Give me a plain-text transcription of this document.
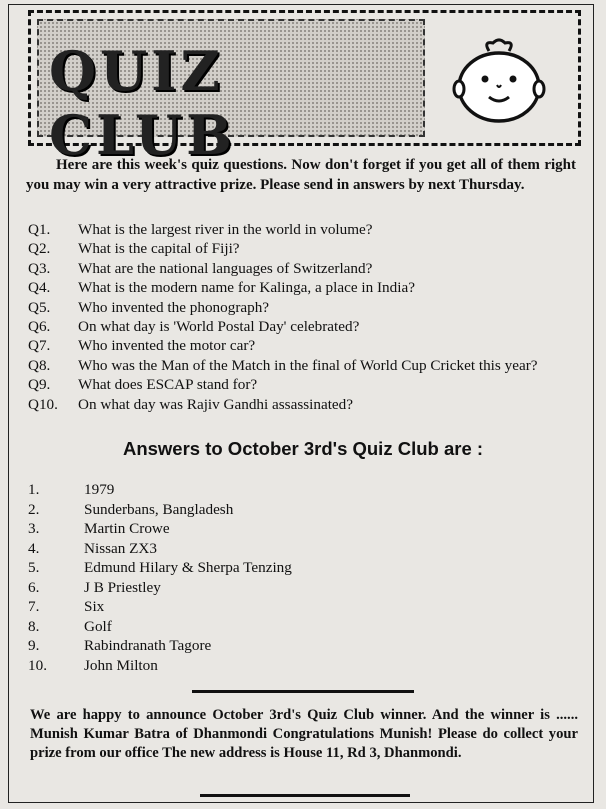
QUIZ CLUB
Here are this week's quiz questions. Now don't forget if you get all of them right you may win a very attractive prize. Please send in answers by next Thursday.
Q1.	What is the largest river in the world in volume?
Q2.	What is the capital of Fiji?
Q3.	What are the national languages of Switzerland?
Q4.	What is the modern name for Kalinga, a place in India?
Q5.	Who invented the phonograph?
Q6.	On what day is 'World Postal Day' celebrated?
Q7.	Who invented the motor car?
Q8.	Who was the Man of the Match in the final of World Cup Cricket this year?
Q9.	What does ESCAP stand for?
Q10.	On what day was Rajiv Gandhi assassinated?
Answers to October 3rd's Quiz Club are :
1.	1979
2.	Sunderbans, Bangladesh
3.	Martin Crowe
4.	Nissan ZX3
5.	Edmund Hilary & Sherpa Tenzing
6.	J B Priestley
7.	Six
8.	Golf
9.	Rabindranath Tagore
10.	John Milton
We are happy to announce October 3rd's Quiz Club winner. And the winner is ...... Munish Kumar Batra of Dhanmondi Congratulations Munish! Please do collect your prize from our office The new address is House 11, Rd 3, Dhanmondi.
